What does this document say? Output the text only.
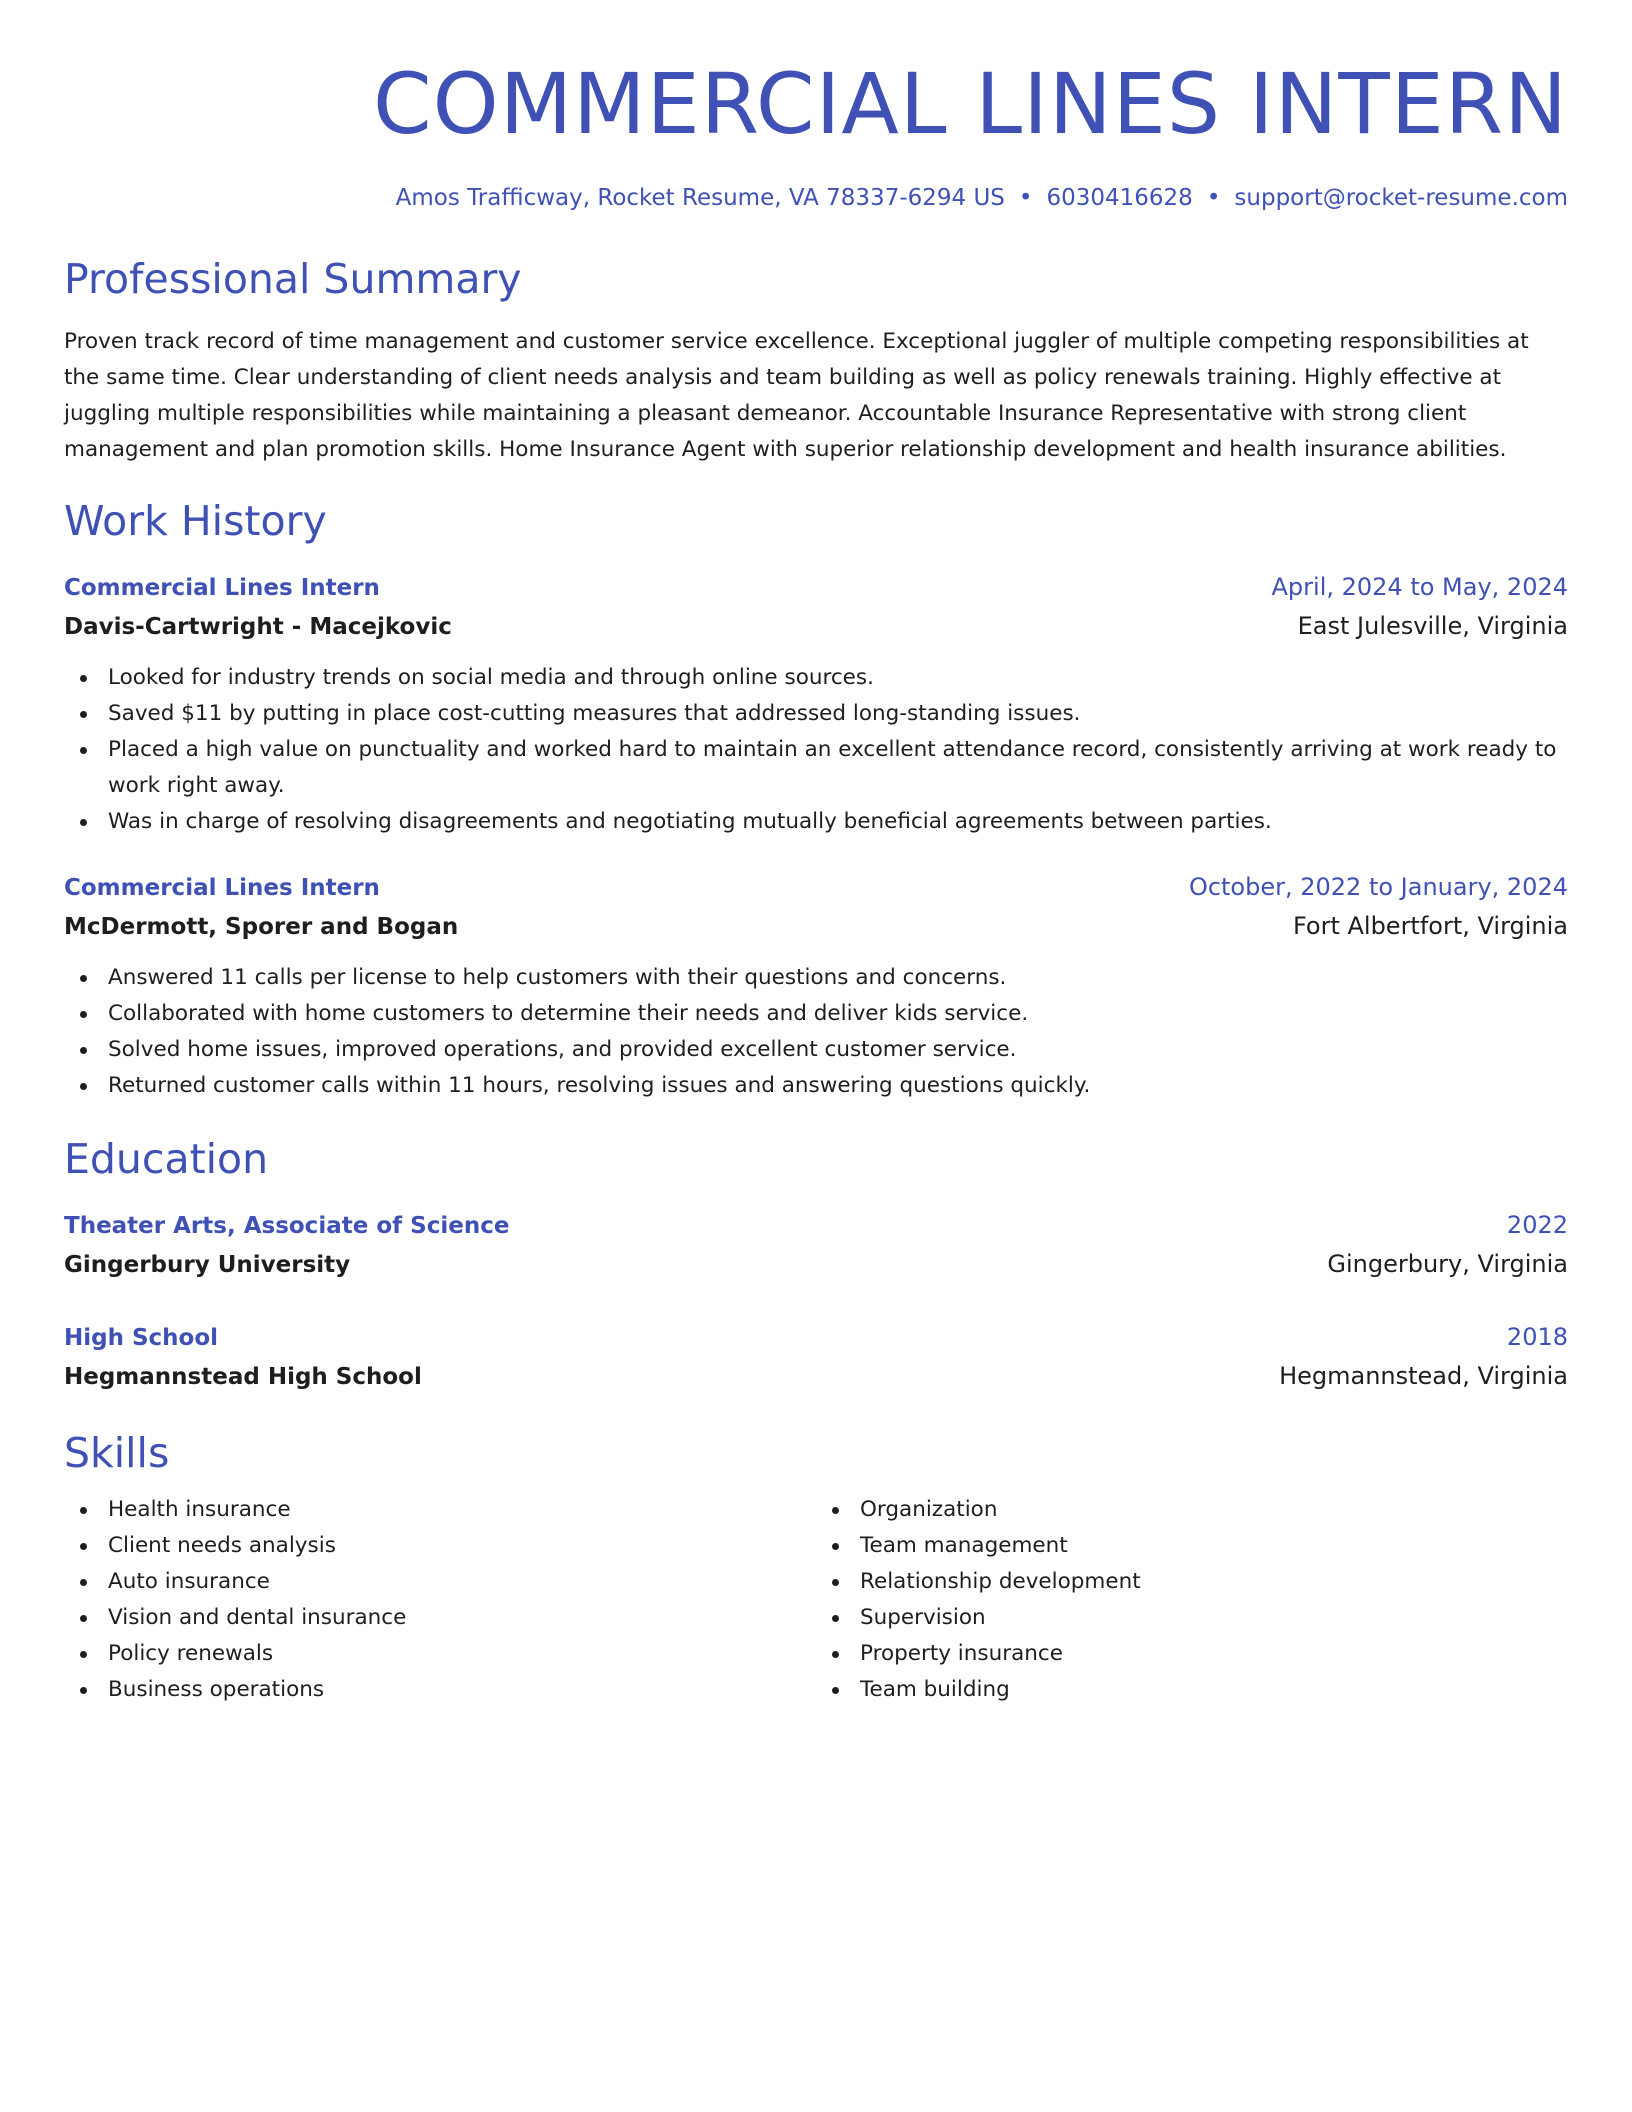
COMMERCIAL LINES INTERN
Amos Trafficway, Rocket Resume, VA 78337-6294 US • 6030416628 • support@rocket-resume.com
Professional Summary

Proven track record of time management and customer service excellence. Exceptional juggler of multiple competing responsibilities at the same time. Clear understanding of client needs analysis and team building as well as policy renewals training. Highly effective at juggling multiple responsibilities while maintaining a pleasant demeanor. Accountable Insurance Representative with strong client management and plan promotion skills. Home Insurance Agent with superior relationship development and health insurance abilities.

Work History
Commercial Lines Intern	April, 2024 to May, 2024
Davis-Cartwright - Macejkovic	East Julesville, Virginia
Looked for industry trends on social media and through online sources.
Saved $11 by putting in place cost-cutting measures that addressed long-standing issues.
Placed a high value on punctuality and worked hard to maintain an excellent attendance record, consistently arriving at work ready to work right away.
Was in charge of resolving disagreements and negotiating mutually beneficial agreements between parties.
Commercial Lines Intern	October, 2022 to January, 2024
McDermott, Sporer and Bogan	Fort Albertfort, Virginia
Answered 11 calls per license to help customers with their questions and concerns.
Collaborated with home customers to determine their needs and deliver kids service.
Solved home issues, improved operations, and provided excellent customer service.
Returned customer calls within 11 hours, resolving issues and answering questions quickly.
Education
Theater Arts, Associate of Science	2022
Gingerbury University	Gingerbury, Virginia
High School	2018
Hegmannstead High School	Hegmannstead, Virginia
Skills
Health insurance
Client needs analysis
Auto insurance
Vision and dental insurance
Policy renewals
Business operations
Organization
Team management
Relationship development
Supervision
Property insurance
Team building
